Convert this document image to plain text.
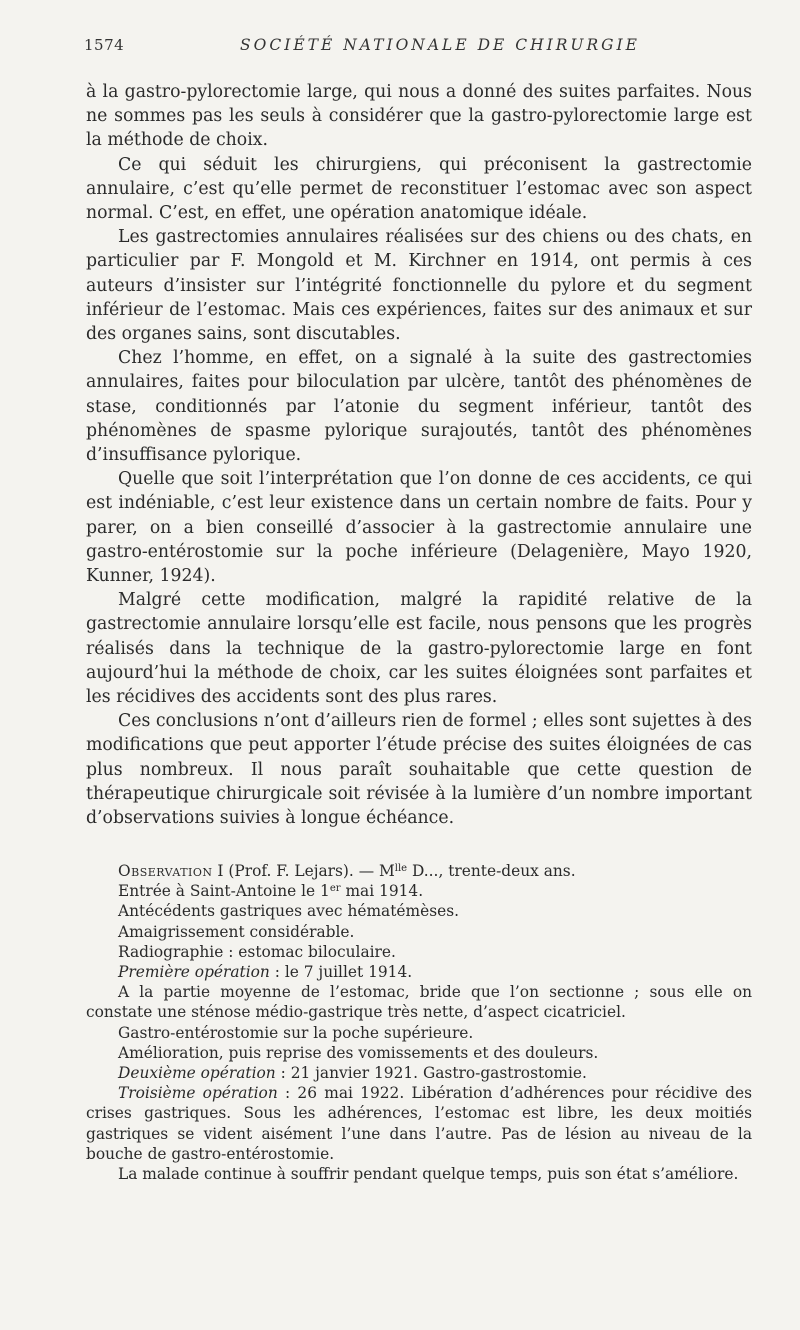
1574	SOCIÉTÉ NATIONALE DE CHIRURGIE

à la gastro-pylorectomie large, qui nous a donné des suites parfaites. Nous ne sommes pas les seuls à considérer que la gastro-pylorectomie large est la méthode de choix.

Ce qui séduit les chirurgiens, qui préconisent la gastrectomie annulaire, c’est qu’elle permet de reconstituer l’estomac avec son aspect normal. C’est, en effet, une opération anatomique idéale.

Les gastrectomies annulaires réalisées sur des chiens ou des chats, en particulier par F. Mongold et M. Kirchner en 1914, ont permis à ces auteurs d’insister sur l’intégrité fonctionnelle du pylore et du segment inférieur de l’estomac. Mais ces expériences, faites sur des animaux et sur des organes sains, sont discutables.

Chez l’homme, en effet, on a signalé à la suite des gastrectomies annulaires, faites pour biloculation par ulcère, tantôt des phénomènes de stase, conditionnés par l’atonie du segment inférieur, tantôt des phénomènes de spasme pylorique surajoutés, tantôt des phénomènes d’insuffisance pylorique.

Quelle que soit l’interprétation que l’on donne de ces accidents, ce qui est indéniable, c’est leur existence dans un certain nombre de faits. Pour y parer, on a bien conseillé d’associer à la gastrectomie annulaire une gastro-entérostomie sur la poche inférieure (Delagenière, Mayo 1920, Kunner, 1924).

Malgré cette modification, malgré la rapidité relative de la gastrectomie annulaire lorsqu’elle est facile, nous pensons que les progrès réalisés dans la technique de la gastro-pylorectomie large en font aujourd’hui la méthode de choix, car les suites éloignées sont parfaites et les récidives des accidents sont des plus rares.

Ces conclusions n’ont d’ailleurs rien de formel ; elles sont sujettes à des modifications que peut apporter l’étude précise des suites éloignées de cas plus nombreux. Il nous paraît souhaitable que cette question de thérapeutique chirurgicale soit révisée à la lumière d’un nombre important d’observations suivies à longue échéance.

Observation I (Prof. F. Lejars). — $M^{lle}$ D..., trente-deux ans.

Entrée à Saint-Antoine le 1er mai 1914.

Antécédents gastriques avec hématémèses.

Amaigrissement considérable.

Radiographie : estomac biloculaire.

Première opération : le 7 juillet 1914.

A la partie moyenne de l’estomac, bride que l’on sectionne ; sous elle on constate une sténose médio-gastrique très nette, d’aspect cicatriciel.

Gastro-entérostomie sur la poche supérieure.

Amélioration, puis reprise des vomissements et des douleurs.

Deuxième opération : 21 janvier 1921. Gastro-gastrostomie.

Troisième opération : 26 mai 1922. Libération d’adhérences pour récidive des crises gastriques. Sous les adhérences, l’estomac est libre, les deux moitiés gastriques se vident aisément l’une dans l’autre. Pas de lésion au niveau de la bouche de gastro-entérostomie.

La malade continue à souffrir pendant quelque temps, puis son état s’améliore.
